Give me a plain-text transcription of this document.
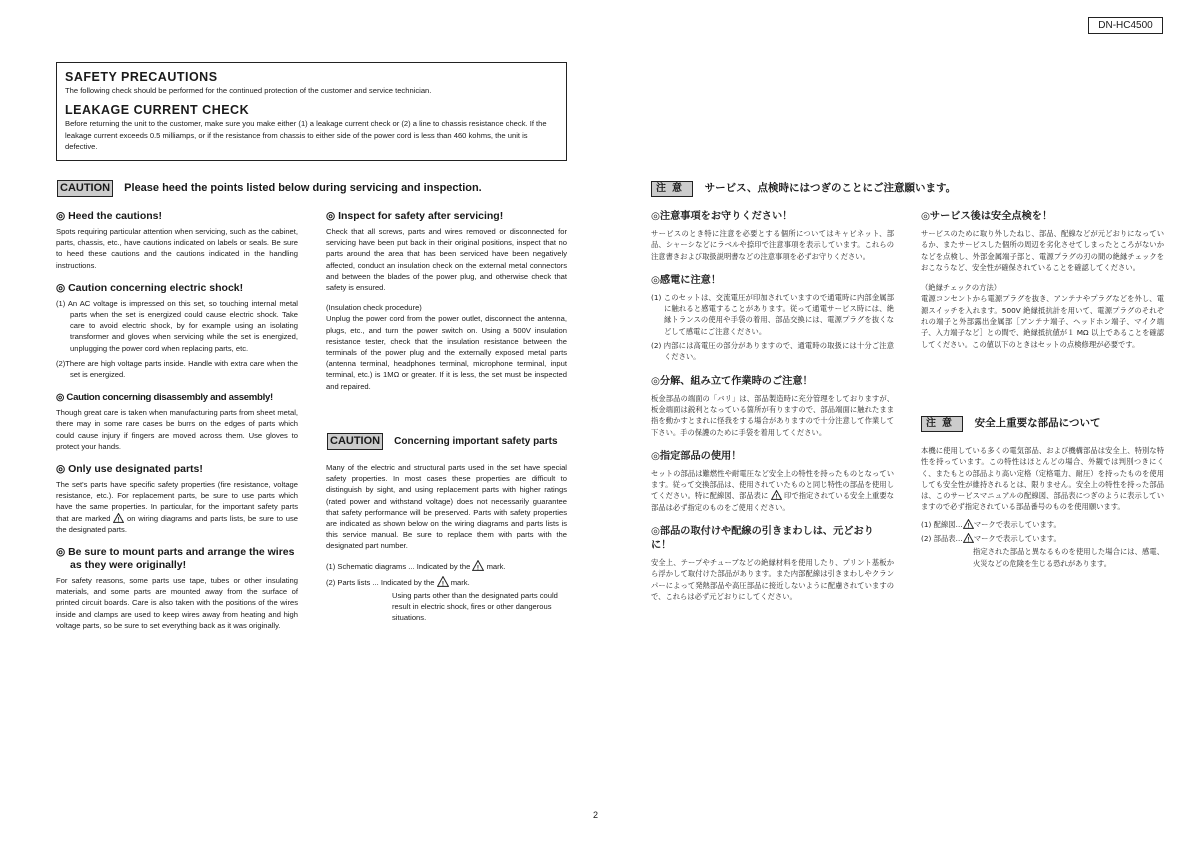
DN-HC4500
SAFETY PRECAUTIONS

The following check should be performed for the continued protection of the customer and service technician.

LEAKAGE CURRENT CHECK

Before returning the unit to the customer, make sure you make either (1) a leakage current check or (2) a line to chassis resistance check. If the leakage current exceeds 0.5 milliamps, or if the resistance from chassis to either side of the power cord is less than 460 kohms, the unit is defective.

CAUTION Please heed the points listed below during servicing and inspection.
◎ Heed the cautions!

Spots requiring particular attention when servicing, such as the cabinet, parts, chassis, etc., have cautions indicated on labels or seals. Be sure to heed these cautions and the cautions indicated in the handling instructions.

◎ Caution concerning electric shock!

(1) An AC voltage is impressed on this set, so touching internal metal parts when the set is energized could cause electric shock. Take care to avoid electric shock, by for example using an isolating transformer and gloves when servicing while the set is energized, unplugging the power cord when replacing parts, etc.

(2)There are high voltage parts inside. Handle with extra care when the set is energized.

◎ Caution concerning disassembly and assembly!

Though great care is taken when manufacturing parts from sheet metal, there may in some rare cases be burrs on the edges of parts which could cause injury if fingers are moved across them. Use gloves to protect your hands.

◎ Only use designated parts!

The set's parts have specific safety properties (fire resistance, voltage resistance, etc.). For replacement parts, be sure to use parts which have the same properties. In particular, for the important safety parts that are marked ! on wiring diagrams and parts lists, be sure to use the designated parts.

◎ Be sure to mount parts and arrange the wires as they were originally!

For safety reasons, some parts use tape, tubes or other insulating materials, and some parts are mounted away from the surface of printed circuit boards. Care is also taken with the positions of the wires inside and clamps are used to keep wires away from heating and high voltage parts, so be sure to set everything back as it was originally.

◎ Inspect for safety after servicing!

Check that all screws, parts and wires removed or disconnected for servicing have been put back in their original positions, inspect that no parts around the area that has been serviced have been negatively affected, conduct an insulation check on the external metal connectors and between the blades of the power plug, and otherwise check that safety is ensured.

(Insulation check procedure)

Unplug the power cord from the power outlet, disconnect the antenna, plugs, etc., and turn the power switch on. Using a 500V insulation resistance tester, check that the insulation resistance between the terminals of the power plug and the externally exposed metal parts (antenna terminal, headphones terminal, microphone terminal, input terminal, etc.) is 1MΩ or greater. If it is less, the set must be inspected and repaired.

CAUTION Concerning important safety parts

Many of the electric and structural parts used in the set have special safety properties. In most cases these properties are difficult to distinguish by sight, and using replacement parts with higher ratings (rated power and withstand voltage) does not necessarily guarantee that safety performance will be preserved. Parts with safety properties are indicated as shown below on the wiring diagrams and parts lists is this service manual. Be sure to replace them with parts with the designated part number.

(1) Schematic diagrams ... Indicated by the ! mark.

(2) Parts lists ... Indicated by the ! mark.

Using parts other than the designated parts could result in electric shock, fires or other dangerous situations.

注意 サービス、点検時にはつぎのことにご注意願います。
◎注意事項をお守りください！

サービスのとき特に注意を必要とする個所についてはキャビネット、部品、シャーシなどにラベルや捺印で注意事項を表示しています。これらの注意書きおよび取扱説明書などの注意事項を必ずお守りください。

◎感電に注意！

(1) このセットは、交流電圧が印加されていますので通電時に内部金属部に触れると感電することがあります。従って通電サービス時には、絶縁トランスの使用や手袋の着用、部品交換には、電源プラグを抜くなどして感電にご注意ください。

(2) 内部には高電圧の部分がありますので、通電時の取扱には十分ご注意ください。

◎分解、組み立て作業時のご注意！

板金部品の端面の「バリ」は、部品製造時に充分管理をしておりますが、板金端面は鋭利となっている箇所が有りますので、部品端面に触れたまま指を動かすとまれに怪我をする場合がありますので十分注意して作業して下さい。手の保護のために手袋を着用してください。

◎指定部品の使用！

セットの部品は難燃性や耐電圧など安全上の特性を持ったものとなっています。従って交換部品は、使用されていたものと同じ特性の部品を使用してください。特に配線図、部品表に ! 印で指定されている安全上重要な部品は必ず指定のものをご使用ください。

◎部品の取付けや配線の引きまわしは、元どおりに！

安全上、テープやチューブなどの絶縁材料を使用したり、プリント基板から浮かして取付けた部品があります。また内部配線は引きまわしやクランパーによって発熱部品や高圧部品に接近しないように配慮されていますので、これらは必ず元どおりにしてください。

◎サービス後は安全点検を！

サービスのために取り外したねじ、部品、配線などが元どおりになっているか、またサービスした個所の周辺を劣化させてしまったところがないかなどを点検し、外部金属端子部と、電源プラグの刃の間の絶縁チェックをおこなうなど、安全性が確保されていることを確認してください。

（絶縁チェックの方法）

電源コンセントから電源プラグを抜き、アンテナやプラグなどを外し、電源スイッチを入れます。500V 絶縁抵抗計を用いて、電源プラグのそれぞれの端子と外部露出金属部［アンテナ端子、ヘッドホン端子、マイク端子、入力端子など］との間で、絶縁抵抗値が１ MΩ 以上であることを確認してください。この値以下のときはセットの点検修理が必要です。

注意 安全上重要な部品について

本機に使用している多くの電気部品、および機構部品は安全上、特別な特性を持っています。この特性はほとんどの場合、外観では判別つきにくく、またもとの部品より高い定格（定格電力、耐圧）を持ったものを使用しても安全性が維持されるとは、限りません。安全上の特性を持った部品は、このサービスマニュアルの配線図、部品表につぎのように表示していますので必ず指定されている部品番号のものを使用願います。

(1) 配線図… ! マークで表示しています。

(2) 部品表… ! マークで表示しています。

指定された部品と異なるものを使用した場合には、感電、火災などの危険を生じる恐れがあります。

2
